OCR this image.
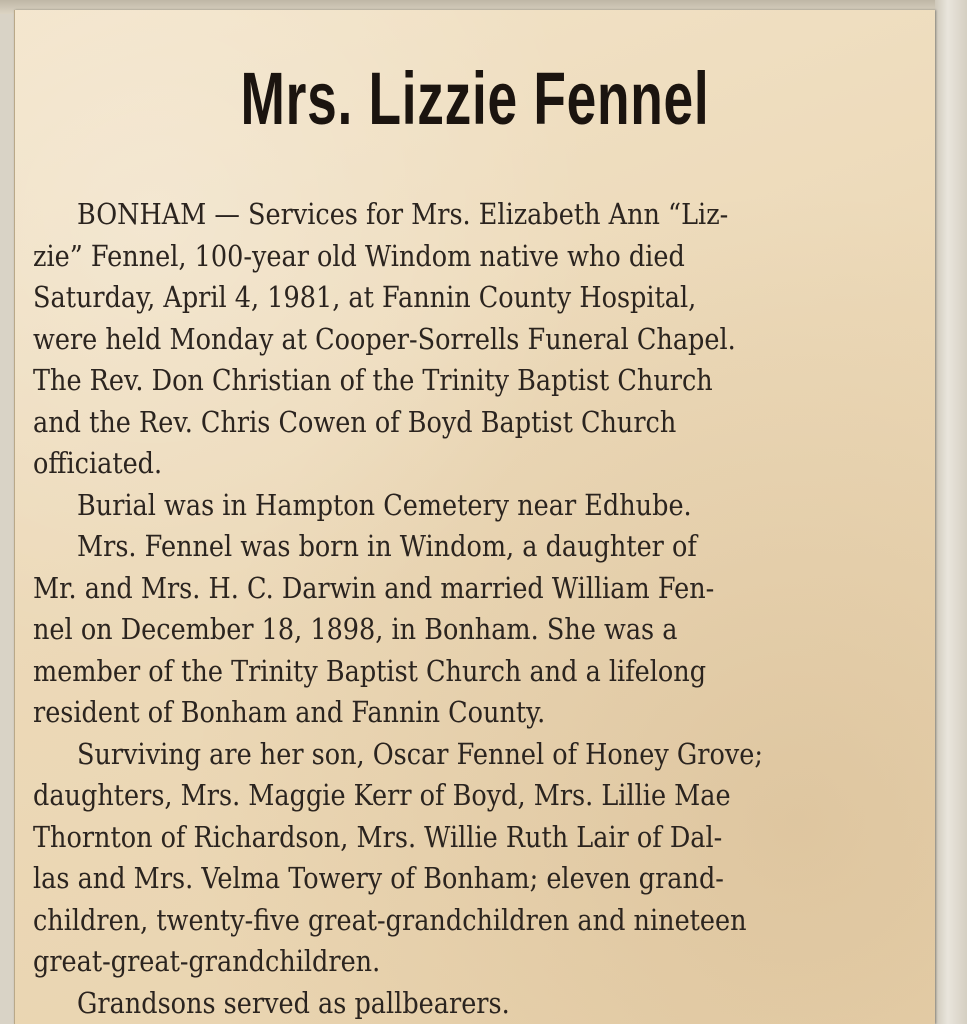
Mrs. Lizzie Fennel
BONHAM — Services for Mrs. Elizabeth Ann “Liz-
zie” Fennel, 100-year old Windom native who died
Saturday, April 4, 1981, at Fannin County Hospital,
were held Monday at Cooper-Sorrells Funeral Chapel.
The Rev. Don Christian of the Trinity Baptist Church
and the Rev. Chris Cowen of Boyd Baptist Church
officiated.
Burial was in Hampton Cemetery near Edhube.
Mrs. Fennel was born in Windom, a daughter of
Mr. and Mrs. H. C. Darwin and married William Fen-
nel on December 18, 1898, in Bonham. She was a
member of the Trinity Baptist Church and a lifelong
resident of Bonham and Fannin County.
Surviving are her son, Oscar Fennel of Honey Grove;
daughters, Mrs. Maggie Kerr of Boyd, Mrs. Lillie Mae
Thornton of Richardson, Mrs. Willie Ruth Lair of Dal-
las and Mrs. Velma Towery of Bonham; eleven grand-
children, twenty-five great-grandchildren and nineteen
great-great-grandchildren.
Grandsons served as pallbearers.
